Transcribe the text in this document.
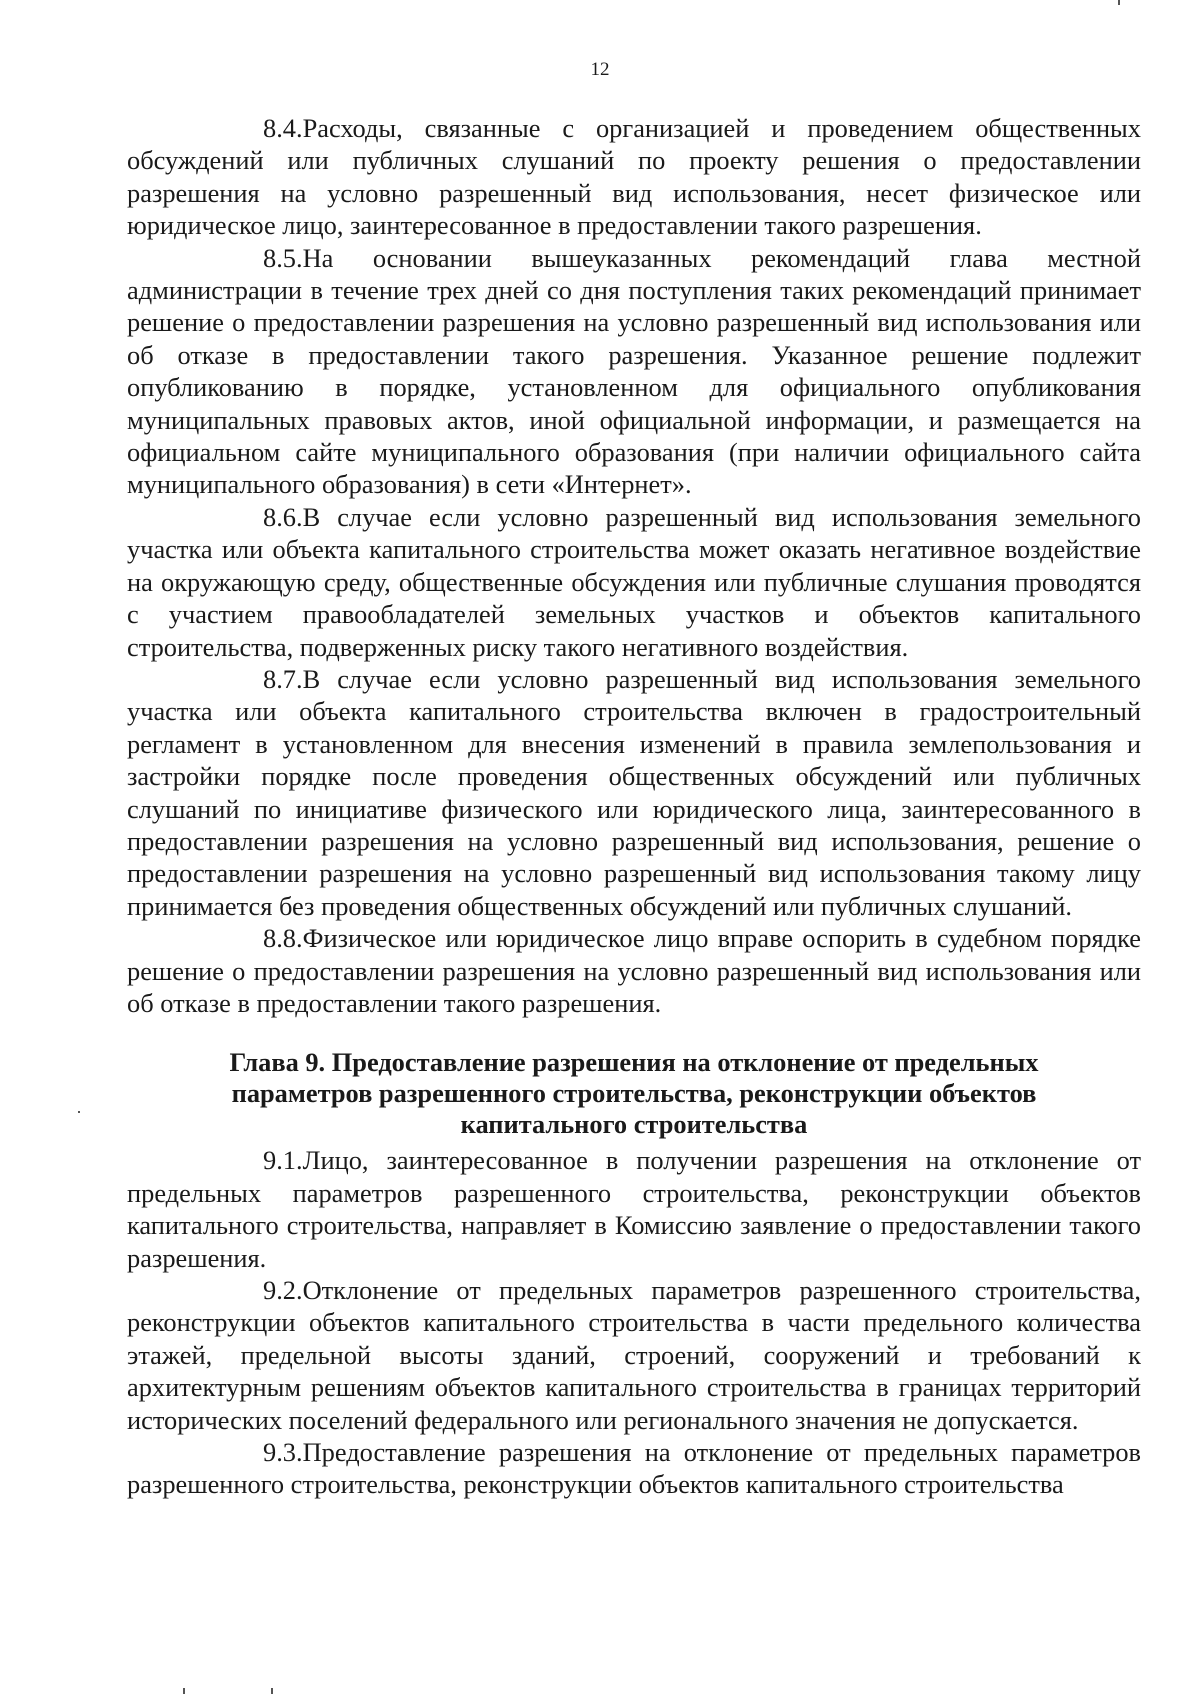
12

8.4.Расходы, связанные с организацией и проведением общественных обсуждений или публичных слушаний по проекту решения о предоставлении разрешения на условно разрешенный вид использования, несет физическое или юридическое лицо, заинтересованное в предоставлении такого разрешения.

8.5.На основании вышеуказанных рекомендаций глава местной администрации в течение трех дней со дня поступления таких рекомендаций принимает решение о предоставлении разрешения на условно разрешенный вид использования или об отказе в предоставлении такого разрешения. Указанное решение подлежит опубликованию в порядке, установленном для официального опубликования муниципальных правовых актов, иной официальной информации, и размещается на официальном сайте муниципального образования (при наличии официального сайта муниципального образования) в сети «Интернет».

8.6.В случае если условно разрешенный вид использования земельного участка или объекта капитального строительства может оказать негативное воздействие на окружающую среду, общественные обсуждения или публичные слушания проводятся с участием правообладателей земельных участков и объектов капитального строительства, подверженных риску такого негативного воздействия.

8.7.В случае если условно разрешенный вид использования земельного участка или объекта капитального строительства включен в градостроительный регламент в установленном для внесения изменений в правила землепользования и застройки порядке после проведения общественных обсуждений или публичных слушаний по инициативе физического или юридического лица, заинтересованного в предоставлении разрешения на условно разрешенный вид использования, решение о предоставлении разрешения на условно разрешенный вид использования такому лицу принимается без проведения общественных обсуждений или публичных слушаний.

8.8.Физическое или юридическое лицо вправе оспорить в судебном порядке решение о предоставлении разрешения на условно разрешенный вид использования или об отказе в предоставлении такого разрешения.

Глава 9. Предоставление разрешения на отклонение от предельных параметров разрешенного строительства, реконструкции объектов капитального строительства

9.1.Лицо, заинтересованное в получении разрешения на отклонение от предельных параметров разрешенного строительства, реконструкции объектов капитального строительства, направляет в Комиссию заявление о предоставлении такого разрешения.

9.2.Отклонение от предельных параметров разрешенного строительства, реконструкции объектов капитального строительства в части предельного количества этажей, предельной высоты зданий, строений, сооружений и требований к архитектурным решениям объектов капитального строительства в границах территорий исторических поселений федерального или регионального значения не допускается.

9.3.Предоставление разрешения на отклонение от предельных параметров разрешенного строительства, реконструкции объектов капитального строительства
